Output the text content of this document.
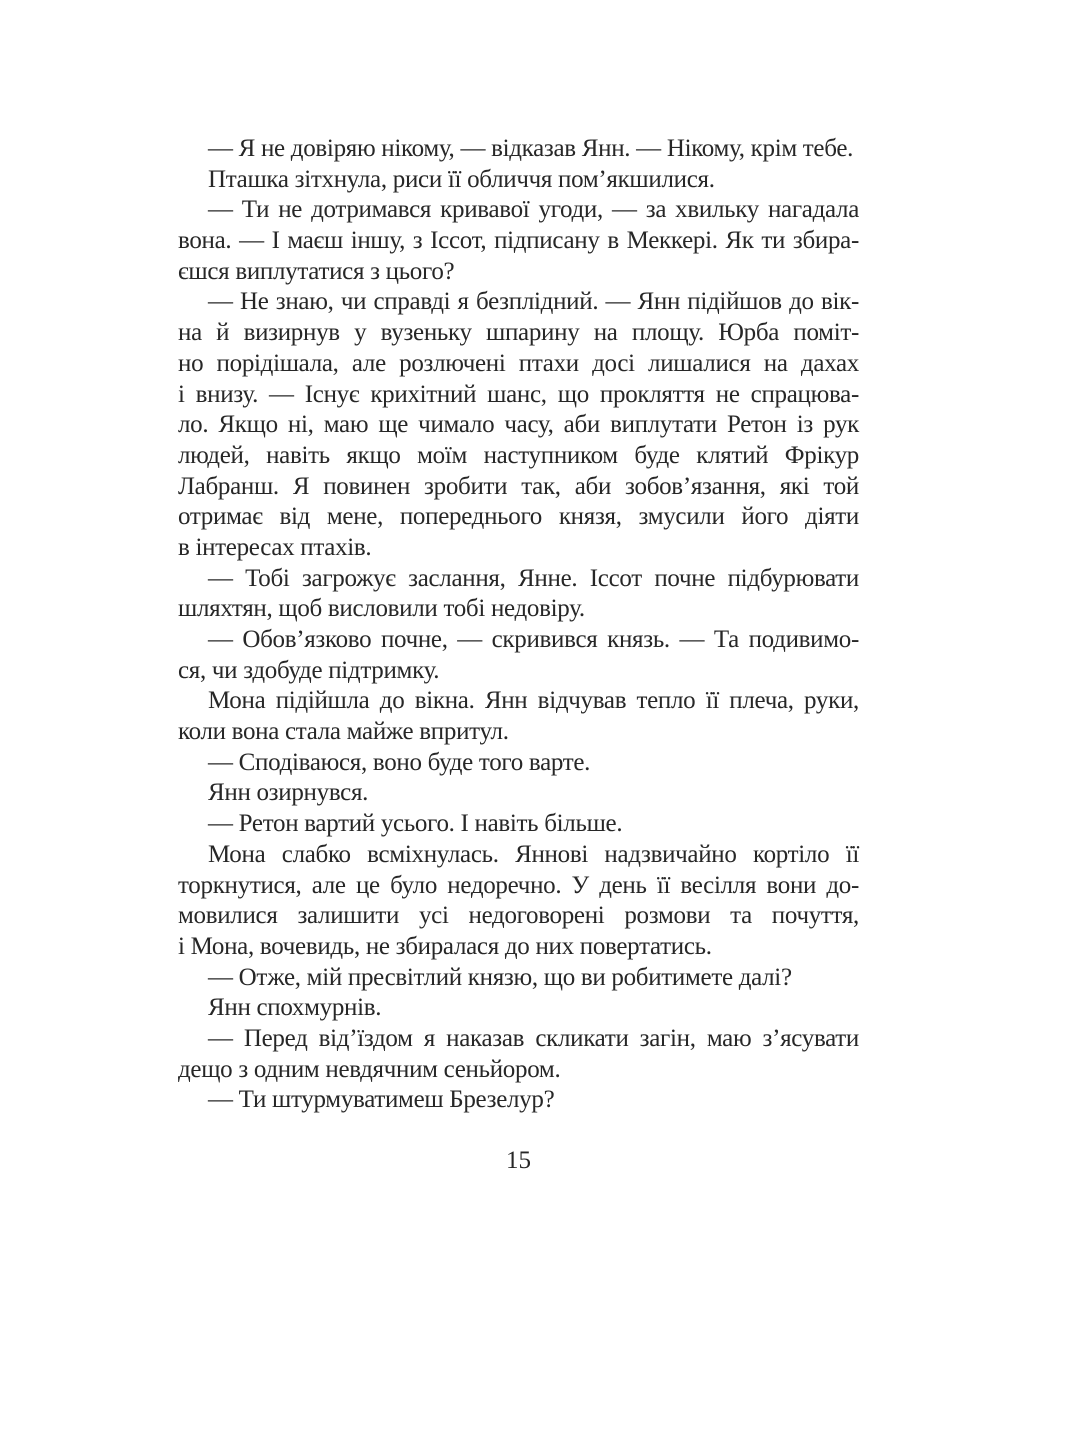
— Я не довіряю нікому, — відказав Янн. — Нікому, крім тебе.
Пташка зітхнула, риси її обличчя пом’якшилися.
— Ти не дотримався кривавої угоди, — за хвильку нагадала
вона. — І маєш іншу, з Іссот, підписану в Меккері. Як ти збира-
єшся виплутатися з цього?
— Не знаю, чи справді я безплідний. — Янн підійшов до вік-
на й визирнув у вузеньку шпарину на площу. Юрба поміт-
но порідішала, але розлючені птахи досі лишалися на дахах
і внизу. — Існує крихітний шанс, що прокляття не спрацюва-
ло. Якщо ні, маю ще чимало часу, аби виплутати Ретон із рук
людей, навіть якщо моїм наступником буде клятий Фрікур
Лабранш. Я повинен зробити так, аби зобов’язання, які той
отримає від мене, попереднього князя, змусили його діяти
в інтересах птахів.
— Тобі загрожує заслання, Янне. Іссот почне підбурювати
шляхтян, щоб висловили тобі недовіру.
— Обов’язково почне, — скривився князь. — Та подивимо-
ся, чи здобуде підтримку.
Мона підійшла до вікна. Янн відчував тепло її плеча, руки,
коли вона стала майже впритул.
— Сподіваюся, воно буде того варте.
Янн озирнувся.
— Ретон вартий усього. І навіть більше.
Мона слабко всміхнулась. Яннові надзвичайно кортіло її
торкнутися, але це було недоречно. У день її весілля вони до-
мовилися залишити усі недоговорені розмови та почуття,
і Мона, вочевидь, не збиралася до них повертатись.
— Отже, мій пресвітлий князю, що ви робитимете далі?
Янн спохмурнів.
— Перед від’їздом я наказав скликати загін, маю з’ясувати
дещо з одним невдячним сеньйором.
— Ти штурмуватимеш Брезелур?
15
